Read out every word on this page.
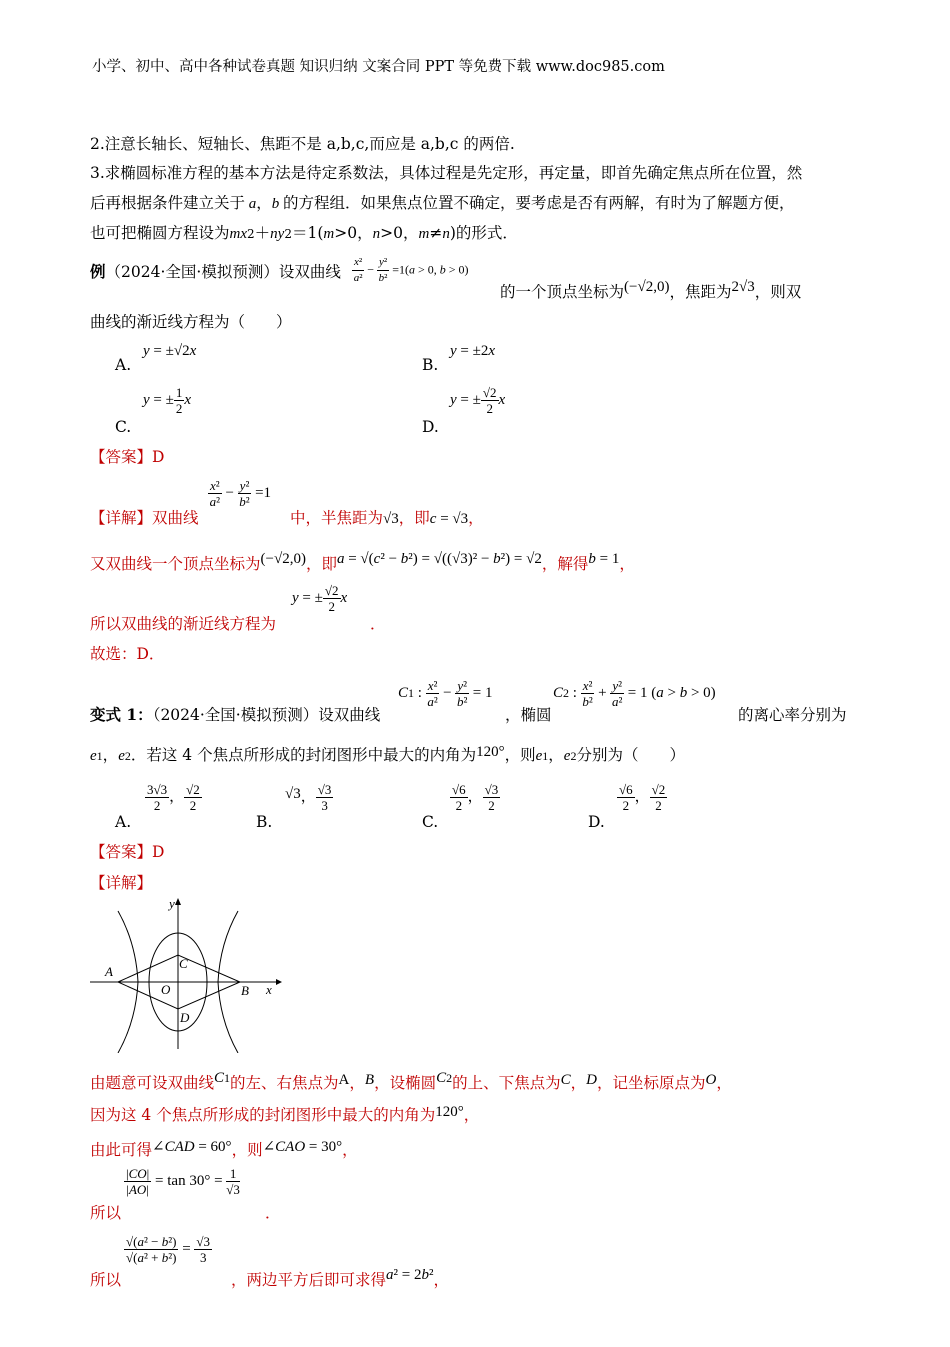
小学、初中、高中各种试卷真题 知识归纳 文案合同 PPT 等免费下载 www.doc985.com
2.注意长轴长、短轴长、焦距不是 a,b,c,而应是 a,b,c 的两倍.
3.求椭圆标准方程的基本方法是待定系数法，具体过程是先定形，再定量，即首先确定焦点所在位置，然
后再根据条件建立关于 a，b 的方程组．如果焦点位置不确定，要考虑是否有两解，有时为了解题方便，
也可把椭圆方程设为mx2＋ny2＝1(m>0，n>0，m≠n)的形式．
例（2024·全国·模拟预测）设双曲线 $\frac{\text{x²}}{\text{a²}} - \frac{\text{y²}}{\text{b²}} =1(a > 0$, b > 0)
的一个顶点坐标为(−√2,0)，焦距为2√3，则双
曲线的渐近线方程为（　　）
A.
y = ±√2x
B.
y = ±2x
C.
y = ± $\frac{1}{2}$ x
D.
y = ± $\frac{√2}{2}$ x
【答案】D
$\frac{\text{x²}}{\text{a²}} - \frac{\text{y²}}{\text{b²}} =1$
【详解】双曲线	中，半焦距为√3，即c = √3，
又双曲线一个顶点坐标为(−√2,0)，即a = √(c² − b²) = √((√3)² − b²) = √2，解得b = 1，
y = ± $\frac{√2}{2}$ x
所以双曲线的渐近线方程为	．
故选：D．
变式 1：（2024·全国·模拟预测）设双曲线
C1 : $\frac{\text{x²}}{\text{a²}} - \frac{\text{y²}}{\text{b²}} = 1$
，椭圆
C2 : $\frac{\text{x²}}{\text{b²}} + \frac{\text{y²}}{\text{a²}} = 1$ (a > b > 0)
的离心率分别为
e1，e2．若这 4 个焦点所形成的封闭图形中最大的内角为120°，则e1，e2分别为（　　）
A.
$\frac{3√3}{2}$ ， $\frac{√2}{2}$
B.
√3， $\frac{√3}{3}$
C.
$\frac{√6}{2}$ ， $\frac{√3}{2}$
D.
$\frac{√6}{2}$ ， $\frac{√2}{2}$
【答案】D
【详解】
y
x
A
B
C
D
O
由题意可设双曲线C1的左、右焦点为A，B，设椭圆C2的上、下焦点为C，D，记坐标原点为O，
因为这 4 个焦点所形成的封闭图形中最大的内角为120°，
由此可得∠CAD = 60°，则∠CAO = 30°，
$\frac{|CO|}{|AO|} = \tan 30^\circ = \frac{1}{√3}$
所以	．
$\frac{\text{√(a² − b²)}}{\text{√(a² + b²)}} = \frac{√3}{3}$
所以	，两边平方后即可求得a² = 2b²，
